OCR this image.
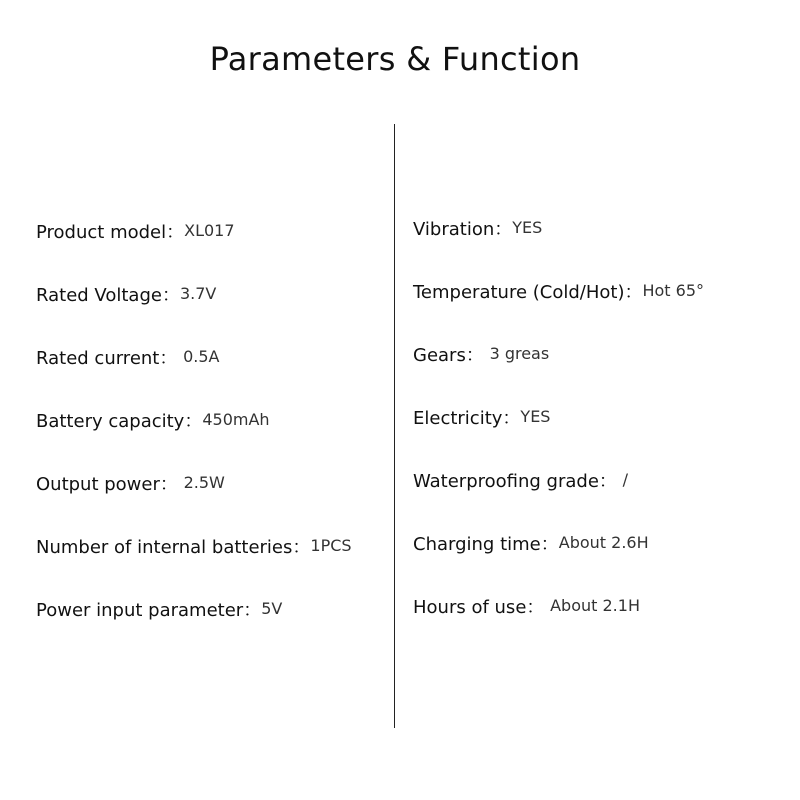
Parameters & Function
Product model：XL017
Rated Voltage：3.7V
Rated current： 0.5A
Battery capacity：450mAh
Output power： 2.5W
Number of internal batteries：1PCS
Power input parameter：5V
Vibration：YES
Temperature (Cold/Hot)：Hot 65°
Gears： 3 greas
Electricity：YES
Waterproofing grade： /
Charging time：About 2.6H
Hours of use： About 2.1H
